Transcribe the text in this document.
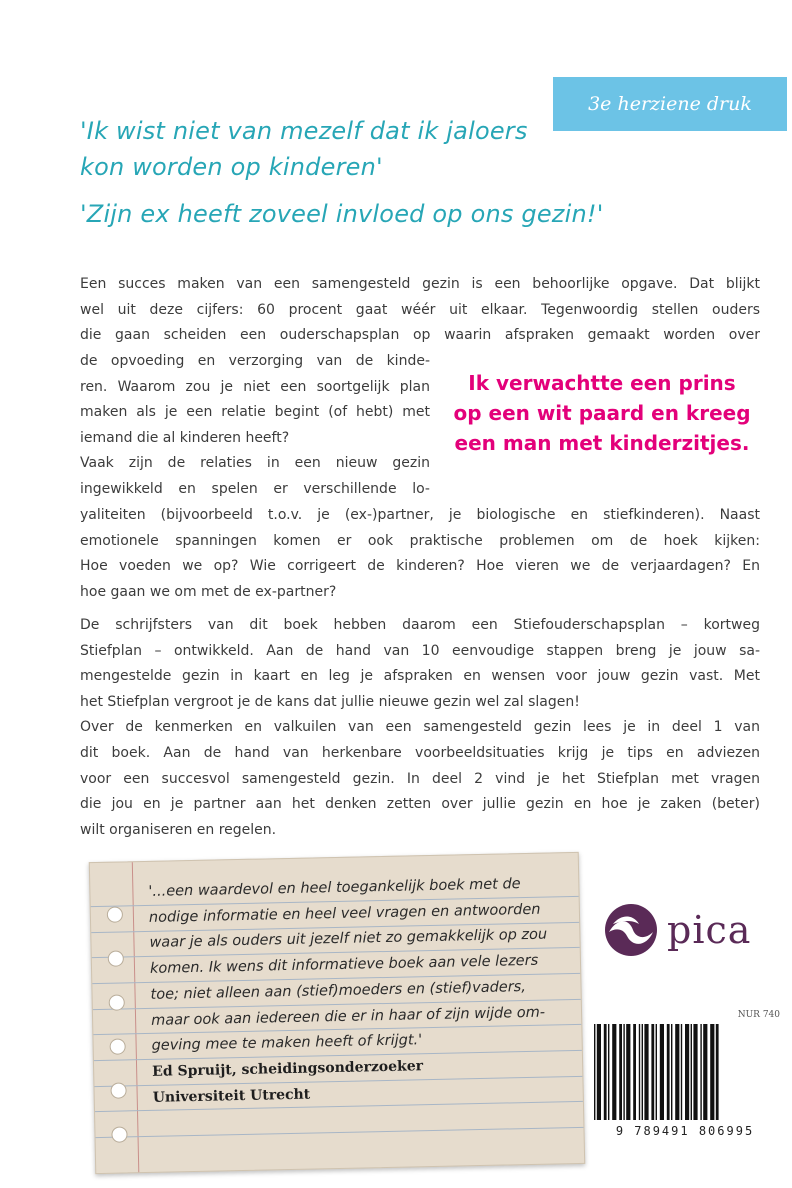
3e herziene druk
'Ik wist niet van mezelf dat ik jaloers kon worden op kinderen'
'Zijn ex heeft zoveel invloed op ons gezin!'
Een succes maken van een samengesteld gezin is een behoorlijke opgave. Dat blijkt
wel uit deze cijfers: 60 procent gaat wéér uit elkaar. Tegenwoordig stellen ouders
die gaan scheiden een ouderschapsplan op waarin afspraken gemaakt worden over
de opvoeding en verzorging van de kinde-
ren. Waarom zou je niet een soortgelijk plan
maken als je een relatie begint (of hebt) met
iemand die al kinderen heeft?
Vaak zijn de relaties in een nieuw gezin
ingewikkeld en spelen er verschillende lo-
yaliteiten (bijvoorbeeld t.o.v. je (ex-)partner, je biologische en stiefkinderen). Naast
emotionele spanningen komen er ook praktische problemen om de hoek kijken:
Hoe voeden we op? Wie corrigeert de kinderen? Hoe vieren we de verjaardagen? En
hoe gaan we om met de ex-partner?
Ik verwachtte een prins op een wit paard en kreeg een man met kinderzitjes.
De schrijfsters van dit boek hebben daarom een Stiefouderschapsplan – kortweg
Stiefplan – ontwikkeld. Aan de hand van 10 eenvoudige stappen breng je jouw sa-
mengestelde gezin in kaart en leg je afspraken en wensen voor jouw gezin vast. Met
het Stiefplan vergroot je de kans dat jullie nieuwe gezin wel zal slagen!
Over de kenmerken en valkuilen van een samengesteld gezin lees je in deel 1 van
dit boek. Aan de hand van herkenbare voorbeeldsituaties krijg je tips en adviezen
voor een succesvol samengesteld gezin. In deel 2 vind je het Stiefplan met vragen
die jou en je partner aan het denken zetten over jullie gezin en hoe je zaken (beter)
wilt organiseren en regelen.
'...een waardevol en heel toegankelijk boek met de
nodige informatie en heel veel vragen en antwoorden
waar je als ouders uit jezelf niet zo gemakkelijk op zou
komen. Ik wens dit informatieve boek aan vele lezers
toe; niet alleen aan (stief)moeders en (stief)vaders,
maar ook aan iedereen die er in haar of zijn wijde om-
geving mee te maken heeft of krijgt.'
Ed Spruijt, scheidingsonderzoeker
Universiteit Utrecht
pica
NUR 740
9 789491 806995
